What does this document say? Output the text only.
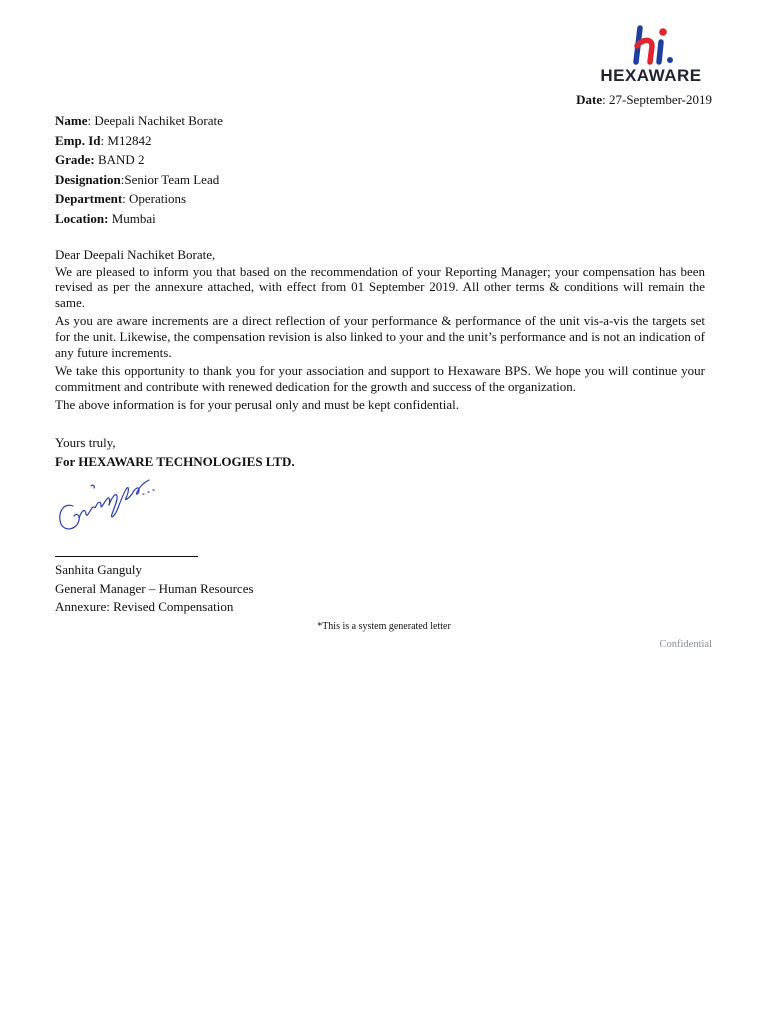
HEXAWARE
Date: 27-September-2019
Name: Deepali Nachiket Borate
Emp. Id: M12842
Grade: BAND 2
Designation:Senior Team Lead
Department: Operations
Location: Mumbai

Dear Deepali Nachiket Borate,

We are pleased to inform you that based on the recommendation of your Reporting Manager; your compensation has been revised as per the annexure attached, with effect from 01 September 2019. All other terms & conditions will remain the same.

As you are aware increments are a direct reflection of your performance & performance of the unit vis-a-vis the targets set for the unit. Likewise, the compensation revision is also linked to your and the unit’s performance and is not an indication of any future increments.

We take this opportunity to thank you for your association and support to Hexaware BPS. We hope you will continue your commitment and contribute with renewed dedication for the growth and success of the organization.

The above information is for your perusal only and must be kept confidential.

Yours truly,
For HEXAWARE TECHNOLOGIES LTD.
Sanhita Ganguly
General Manager – Human Resources
Annexure: Revised Compensation
*This is a system generated letter
Confidential
